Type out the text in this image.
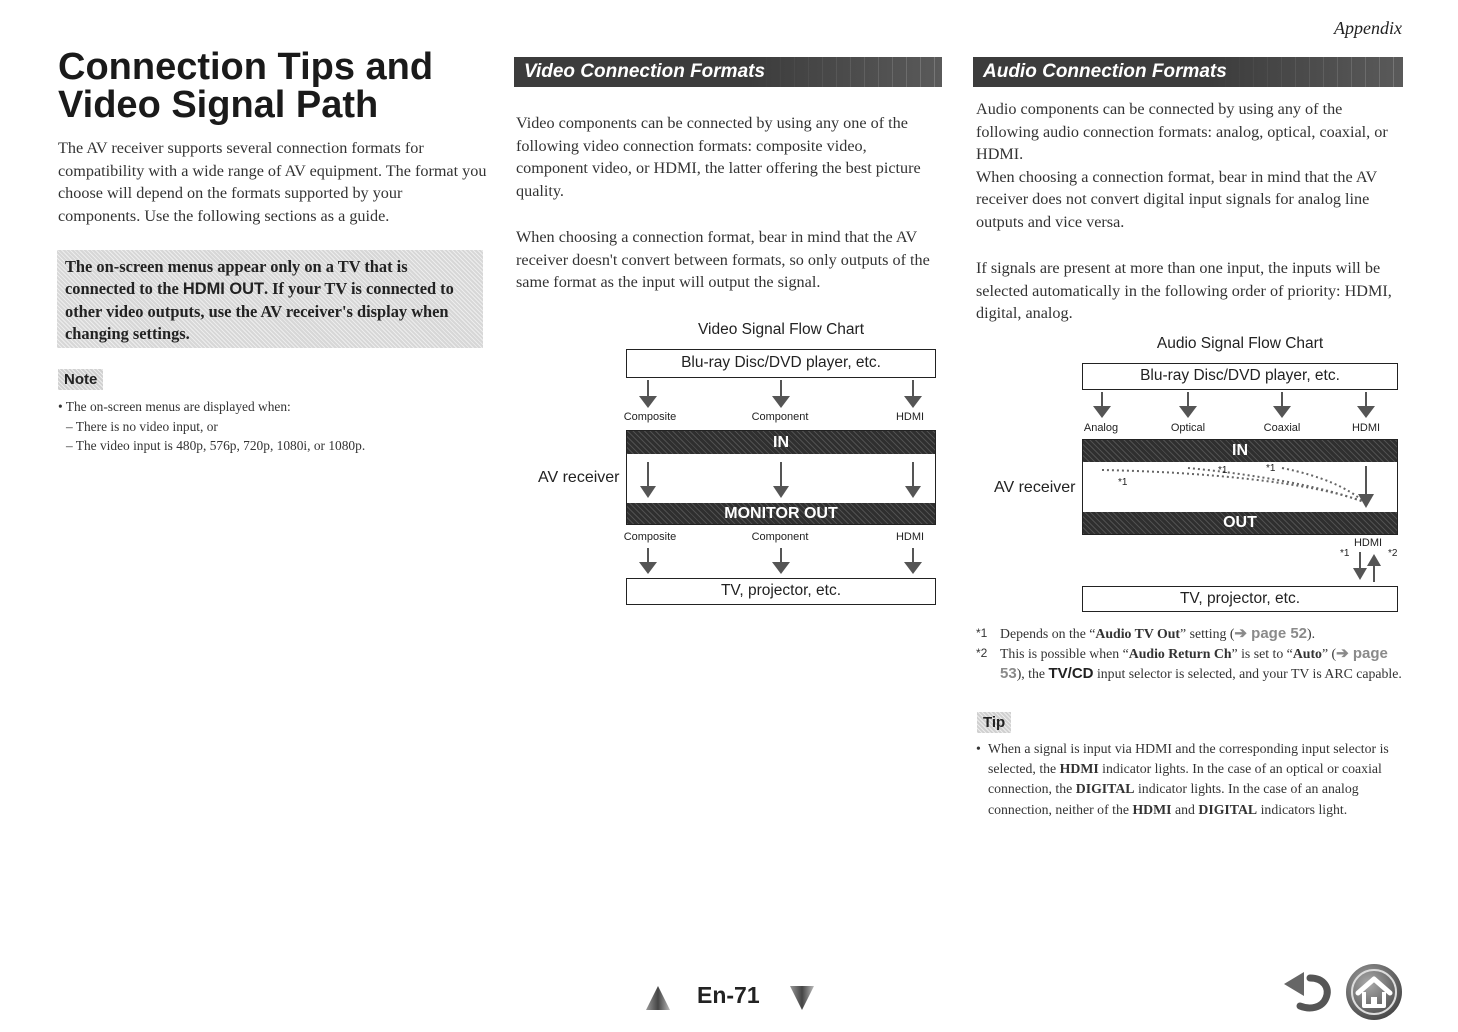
Appendix
Connection Tips and Video Signal Path
The AV receiver supports several connection formats for compatibility with a wide range of AV equipment. The format you choose will depend on the formats supported by your components. Use the following sections as a guide.
The on-screen menus appear only on a TV that is connected to the HDMI OUT. If your TV is connected to other video outputs, use the AV receiver's display when changing settings.
Note
• The on-screen menus are displayed when:
– There is no video input, or
– The video input is 480p, 576p, 720p, 1080i, or 1080p.
Video Connection Formats
Video components can be connected by using any one of the following video connection formats: composite video, component video, or HDMI, the latter offering the best picture quality.
When choosing a connection format, bear in mind that the AV receiver doesn't convert between formats, so only outputs of the same format as the input will output the signal.
Video Signal Flow Chart
Blu-ray Disc/DVD player, etc.
Composite	Component	HDMI
IN
MONITOR OUT
AV receiver
Composite	Component	HDMI
TV, projector, etc.
Audio Connection Formats

Audio components can be connected by using any of the following audio connection formats: analog, optical, coaxial, or HDMI.

When choosing a connection format, bear in mind that the AV receiver does not convert digital input signals for analog line outputs and vice versa.

If signals are present at more than one input, the inputs will be selected automatically in the following order of priority: HDMI, digital, analog.
Audio Signal Flow Chart
Blu-ray Disc/DVD player, etc.
Analog	Optical	Coaxial	HDMI
IN
*1
*1	*1
OUT
AV receiver
HDMI
*1	*2
TV, projector, etc.
*1 Depends on the “Audio TV Out” setting (➔ page 52).
*2 This is possible when “Audio Return Ch” is set to “Auto” (➔ page 53), the TV/CD input selector is selected, and your TV is ARC capable.
Tip
• When a signal is input via HDMI and the corresponding input selector is selected, the HDMI indicator lights. In the case of an optical or coaxial connection, the DIGITAL indicator lights. In the case of an analog connection, neither of the HDMI and DIGITAL indicators light.
En-71
